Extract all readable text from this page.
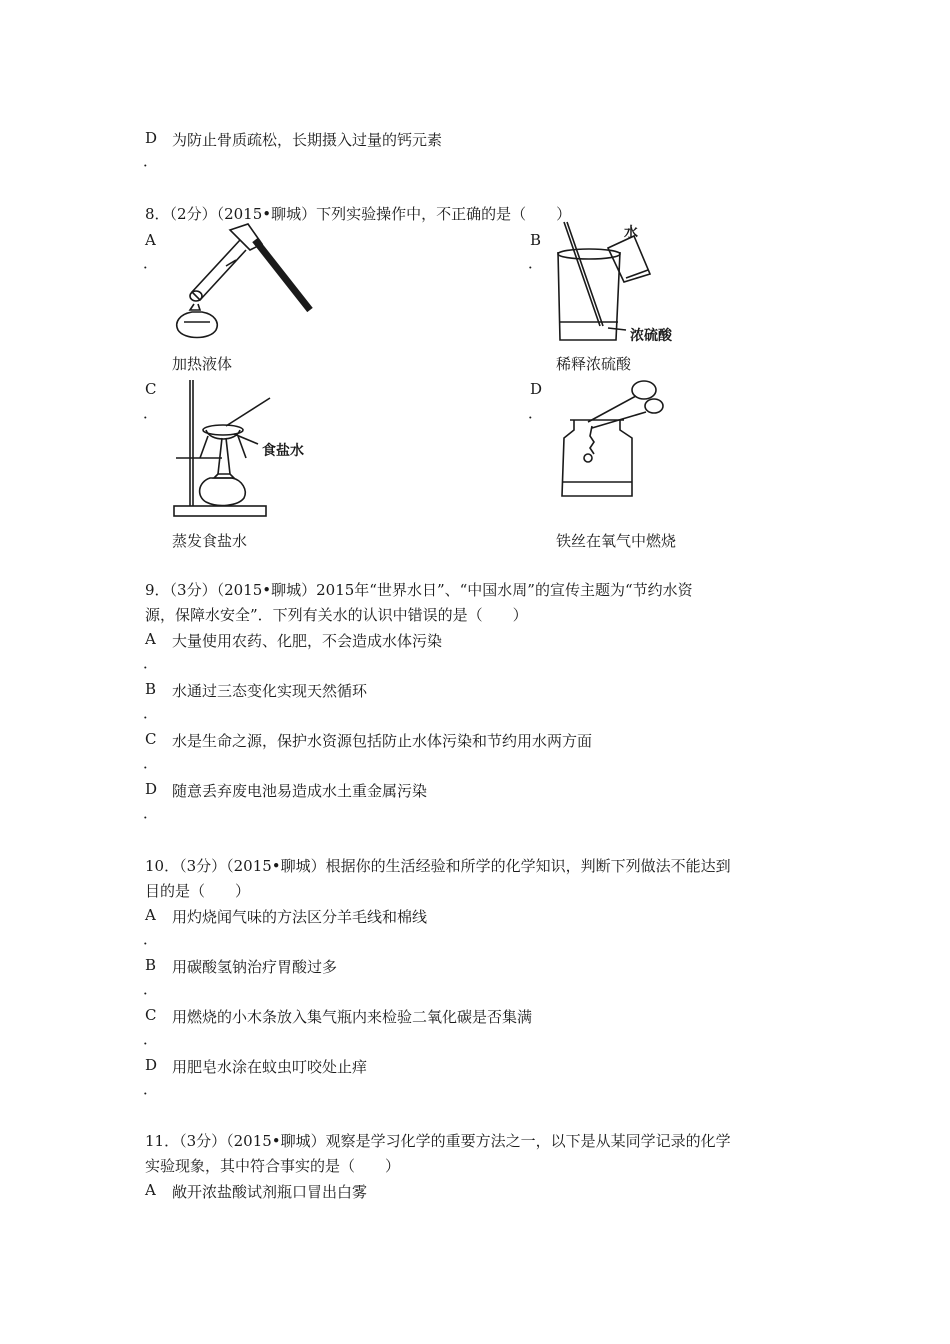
D 为防止骨质疏松，长期摄入过量的钙元素
．
8．（2分）（2015•聊城）下列实验操作中，不正确的是（　　）
A
．
加热液体
B
．
水
浓硫酸
稀释浓硫酸
C
．
食盐水
蒸发食盐水
D
．
铁丝在氧气中燃烧
9．（3分）（2015•聊城）2015年“世界水日”、“中国水周”的宣传主题为“节约水资
源，保障水安全”．下列有关水的认识中错误的是（　　）
A	大量使用农药、化肥，不会造成水体污染
．
B	水通过三态变化实现天然循环
．
C	水是生命之源，保护水资源包括防止水体污染和节约用水两方面
．
D 随意丢弃废电池易造成水土重金属污染
．
10．（3分）（2015•聊城）根据你的生活经验和所学的化学知识，判断下列做法不能达到
目的是（　　）
A	用灼烧闻气味的方法区分羊毛线和棉线
．
B	用碳酸氢钠治疗胃酸过多
．
C	用燃烧的小木条放入集气瓶内来检验二氧化碳是否集满
．
D 用肥皂水涂在蚊虫叮咬处止痒
．
11．（3分）（2015•聊城）观察是学习化学的重要方法之一，以下是从某同学记录的化学
实验现象，其中符合事实的是（　　）
A	敞开浓盐酸试剂瓶口冒出白雾
